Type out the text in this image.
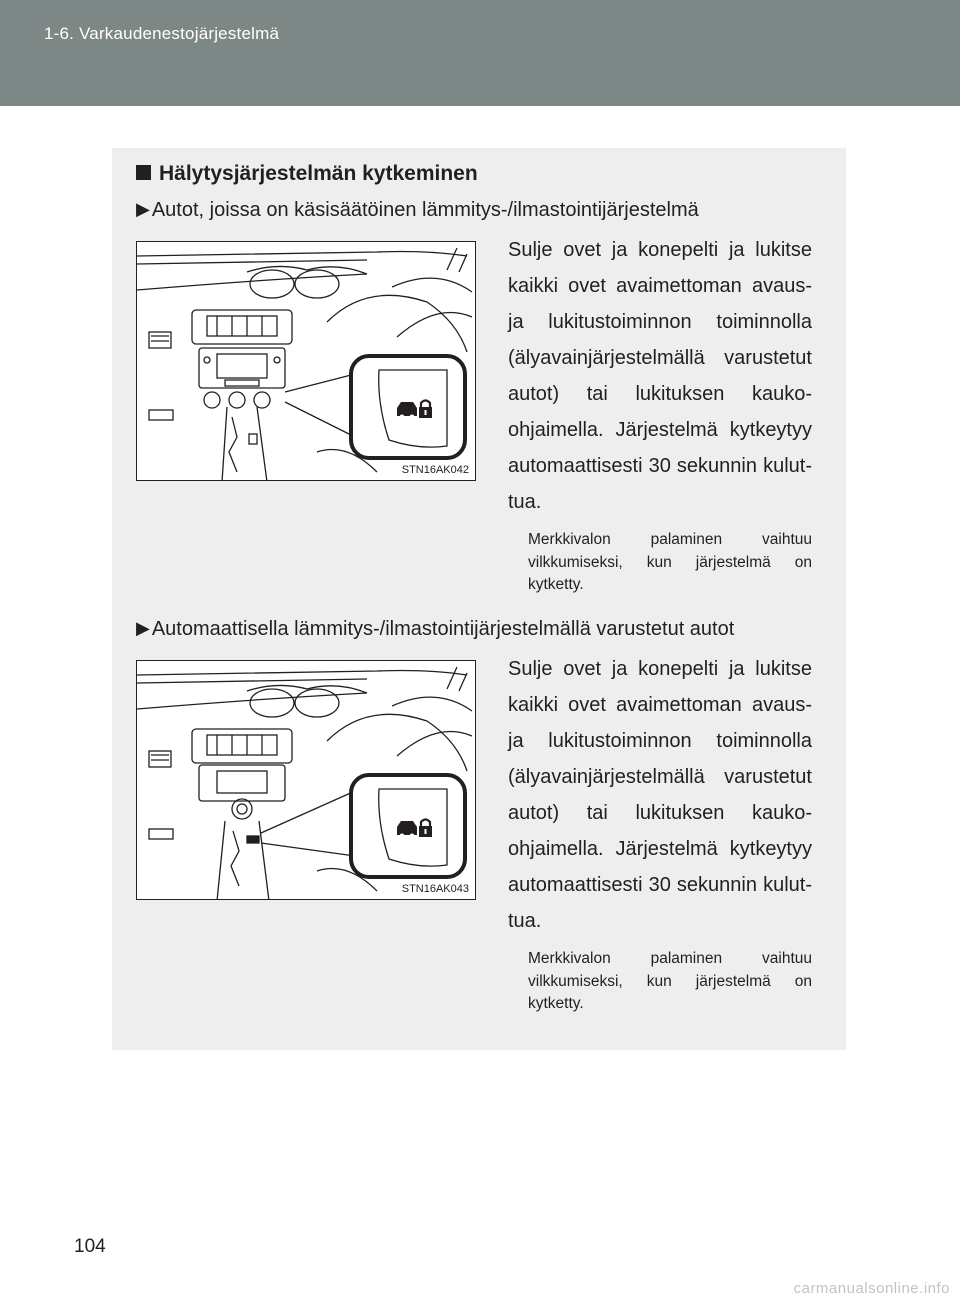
1-6. Varkaudenestojärjestelmä
Hälytysjärjestelmän kytkeminen
▶ Autot, joissa on käsisäätöinen lämmitys-/ilmastointijärjestelmä
STN16AK042
Sulje ovet ja konepelti ja lukitse kaikki ovet avaimettoman avaus- ja lukitustoiminnon toiminnolla (älyavainjärjestelmällä varustetut autot) tai lukituksen kauko-ohjaimella. Järjestelmä kytkeytyy automaattisesti 30 sekunnin kuluttua.
Merkkivalon palaminen vaihtuu vilkkumiseksi, kun järjestelmä on kytketty.
▶ Automaattisella lämmitys-/ilmastointijärjestelmällä varustetut autot
STN16AK043
Sulje ovet ja konepelti ja lukitse kaikki ovet avaimettoman avaus- ja lukitustoiminnon toiminnolla (älyavainjärjestelmällä varustetut autot) tai lukituksen kauko-ohjaimella. Järjestelmä kytkeytyy automaattisesti 30 sekunnin kuluttua.
Merkkivalon palaminen vaihtuu vilkkumiseksi, kun järjestelmä on kytketty.
104
carmanualsonline.info
